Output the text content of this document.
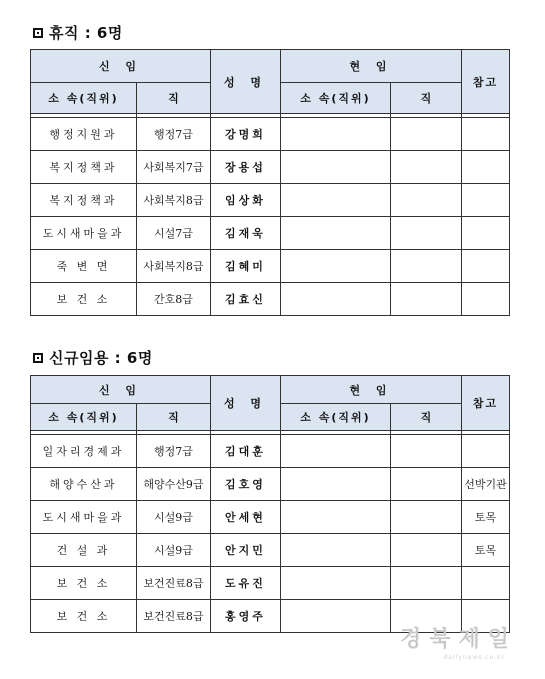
휴직 : 6명
신 임		성 명	현 임		참고
소 속(직위)	직		소 속(직위)	직	

행정지원과	행정7급	강명희			
복지정책과	사회복지7급	장용섭			
복지정책과	사회복지8급	임상화			
도시새마을과	시설7급	김재욱			
죽 변 면	사회복지8급	김혜미			
보 건 소	간호8급	김효신			
신규임용 : 6명
신 임		성 명	현 임		참고
소 속(직위)	직		소 속(직위)	직	

일자리경제과	행정7급	김대훈			
해양수산과	해양수산9급	김호영			선박기관
도시새마을과	시설9급	안세현			토목
건 설 과	시설9급	안지민			토목
보 건 소	보건진료8급	도유진			
보 건 소	보건진료8급	홍영주			
경북제일
dailynews.co.kr
